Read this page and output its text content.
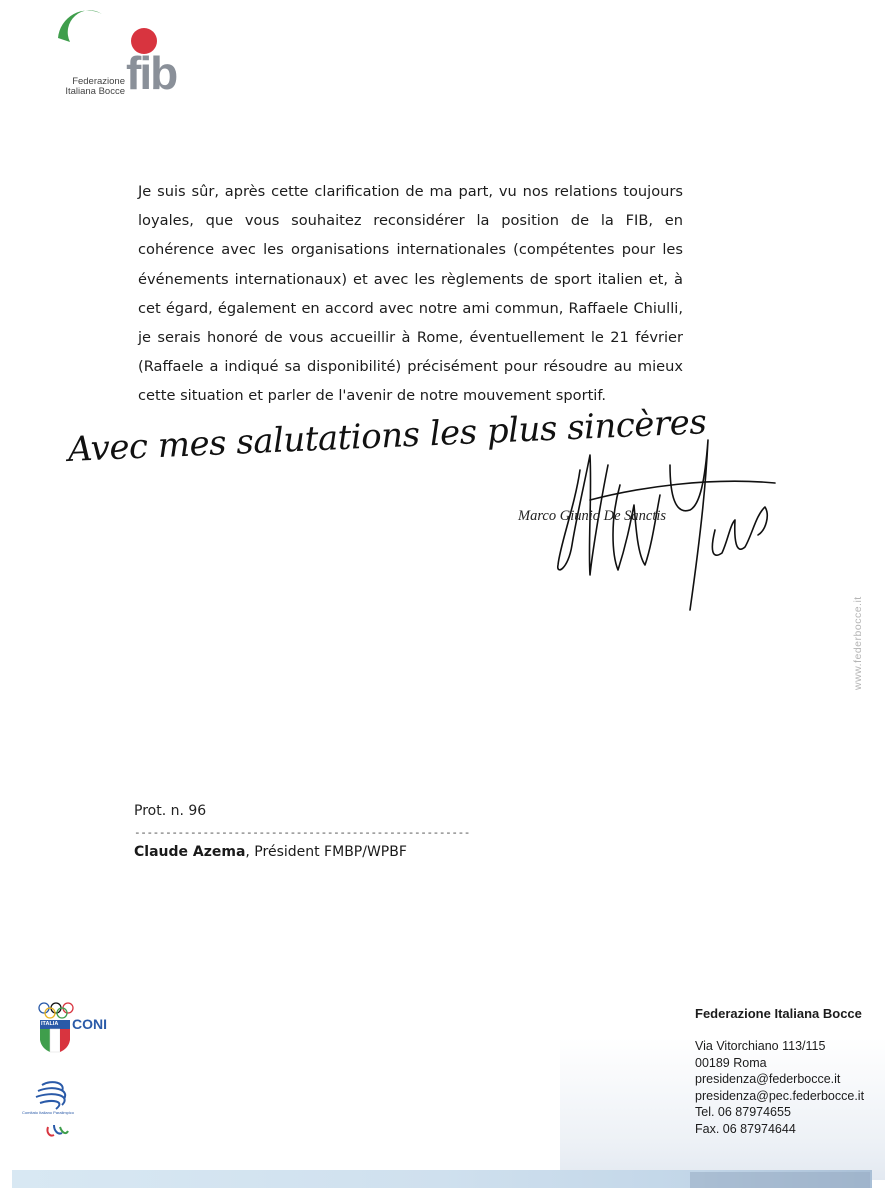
Federazione
Italiana Bocce fib
Je suis sûr, après cette clarification de ma part, vu nos relations toujours loyales, que vous souhaitez reconsidérer la position de la FIB, en cohérence avec les organisations internationales (compétentes pour les événements internationaux) et avec les règlements de sport italien et, à cet égard, également en accord avec notre ami commun, Raffaele Chiulli, je serais honoré de vous accueillir à Rome, éventuellement le 21 février (Raffaele a indiqué sa disponibilité) précisément pour résoudre au mieux cette situation et parler de l'avenir de notre mouvement sportif.
Avec mes salutations les plus sincères
Marco Giunio De Sanctis
Prot. n. 96
------------------------------------------------------
Claude Azema, Président FMBP/WPBF
www.federbocce.it
ITALIA CONI
Comitato Italiano Paralimpico
Federazione Italiana Bocce
Via Vitorchiano 113/115
00189 Roma
presidenza@federbocce.it
presidenza@pec.federbocce.it
Tel. 06 87974655
Fax. 06 87974644
